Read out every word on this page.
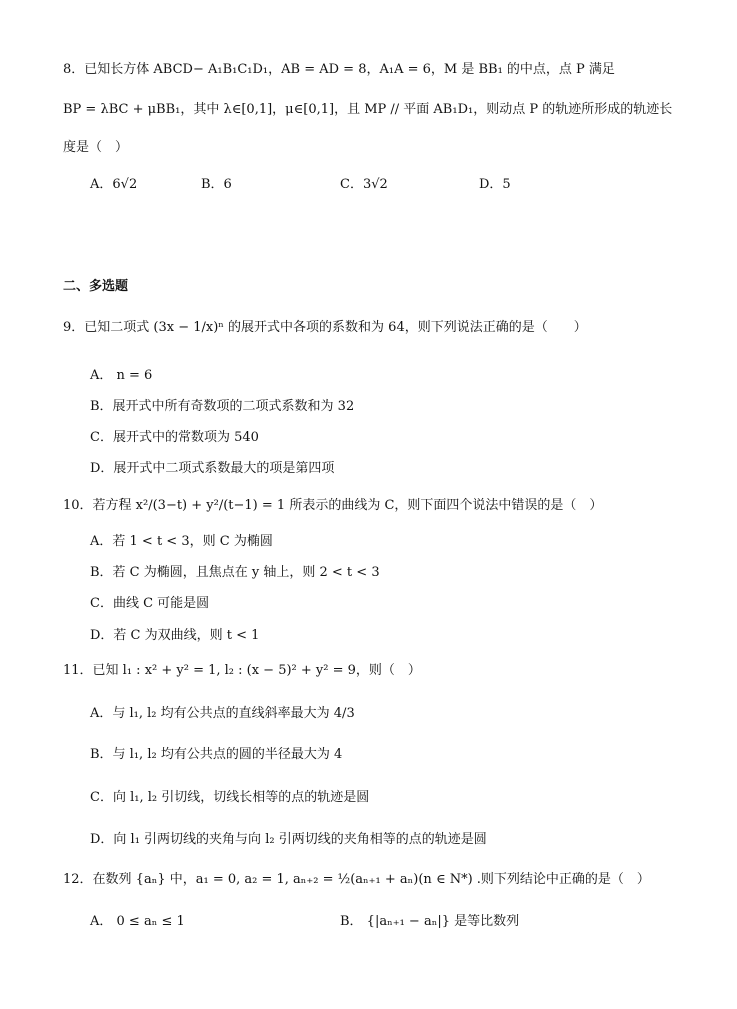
8．已知长方体 ABCD− A₁B₁C₁D₁，AB = AD = 8，A₁A = 6，M 是 BB₁ 的中点，点 P 满足
BP = λBC + μBB₁，其中 λ∈[0,1]，μ∈[0,1]，且 MP // 平面 AB₁D₁，则动点 P 的轨迹所形成的轨迹长
度是（　）
A．6√2	B．6	C．3√2	D．5
二、多选题
9．已知二项式 (3x − 1/x)ⁿ 的展开式中各项的系数和为 64，则下列说法正确的是（　　）
A． n = 6
B．展开式中所有奇数项的二项式系数和为 32
C．展开式中的常数项为 540
D．展开式中二项式系数最大的项是第四项
10．若方程 x²/(3−t) + y²/(t−1) = 1 所表示的曲线为 C，则下面四个说法中错误的是（　）
A．若 1 < t < 3，则 C 为椭圆
B．若 C 为椭圆，且焦点在 y 轴上，则 2 < t < 3
C．曲线 C 可能是圆
D．若 C 为双曲线，则 t < 1
11．已知 l₁ : x² + y² = 1, l₂ : (x − 5)² + y² = 9，则（　）
A．与 l₁, l₂ 均有公共点的直线斜率最大为 4/3
B．与 l₁, l₂ 均有公共点的圆的半径最大为 4
C．向 l₁, l₂ 引切线，切线长相等的点的轨迹是圆
D．向 l₁ 引两切线的夹角与向 l₂ 引两切线的夹角相等的点的轨迹是圆
12．在数列 {aₙ} 中，a₁ = 0, a₂ = 1, aₙ₊₂ = ½(aₙ₊₁ + aₙ)(n ∈ N*) .则下列结论中正确的是（　）
A． 0 ≤ aₙ ≤ 1	B． {|aₙ₊₁ − aₙ|} 是等比数列
